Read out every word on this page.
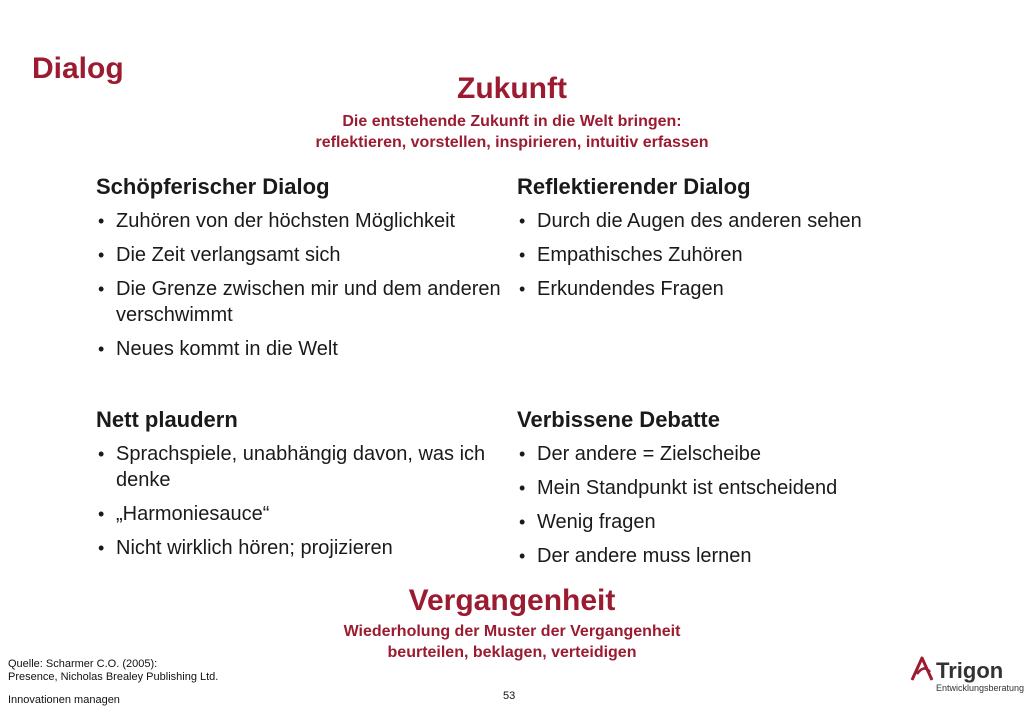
Dialog
Zukunft
Die entstehende Zukunft in die Welt bringen:
reflektieren, vorstellen, inspirieren, intuitiv erfassen
Schöpferischer Dialog
• Zuhören von der höchsten Möglichkeit
• Die Zeit verlangsamt sich
• Die Grenze zwischen mir und dem anderen verschwimmt
• Neues kommt in die Welt
Reflektierender Dialog
• Durch die Augen des anderen sehen
• Empathisches Zuhören
• Erkundendes Fragen
Nett plaudern
• Sprachspiele, unabhängig davon, was ich denke
• „Harmoniesauce“
• Nicht wirklich hören; projizieren
Verbissene Debatte
• Der andere = Zielscheibe
• Mein Standpunkt ist entscheidend
• Wenig fragen
• Der andere muss lernen
Vergangenheit
Wiederholung der Muster der Vergangenheit
beurteilen, beklagen, verteidigen
Quelle: Scharmer C.O. (2005):
Presence, Nicholas Brealey Publishing Ltd.
Innovationen managen	53
Trigon
Entwicklungsberatung
